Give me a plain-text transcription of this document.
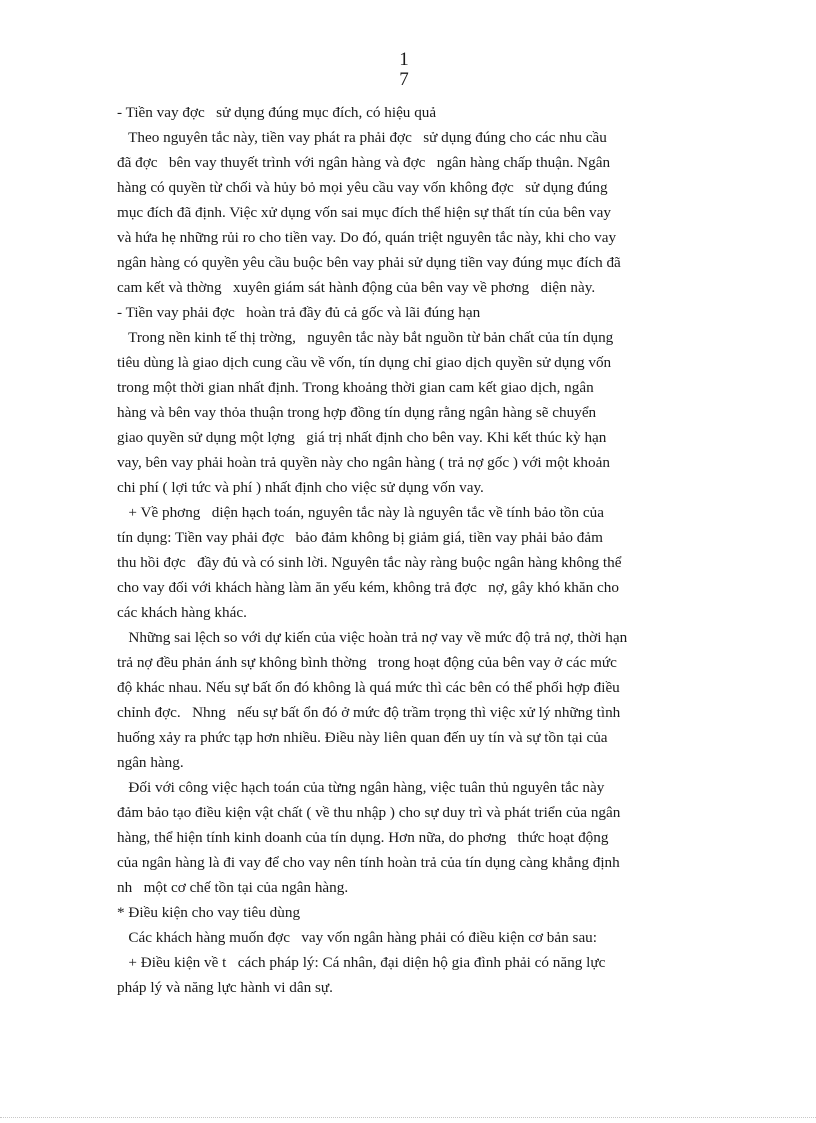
1
7

- Tiền vay đợc   sử dụng đúng mục đích, có hiệu quả

Theo nguyên tắc này, tiền vay phát ra phải đợc   sử dụng đúng cho các nhu cầu

đã đợc   bên vay thuyết trình với ngân hàng và đợc   ngân hàng chấp thuận. Ngân

hàng có quyền từ chối và hủy bỏ mọi yêu cầu vay vốn không đợc   sử dụng đúng

mục đích đã định. Việc xử dụng vốn sai mục đích thể hiện sự thất tín của bên vay

và hứa hẹ những rủi ro cho tiền vay. Do đó, quán triệt nguyên tắc này, khi cho vay

ngân hàng có quyền yêu cầu buộc bên vay phải sử dụng tiền vay đúng mục đích đã

cam kết và thờng   xuyên giám sát hành động của bên vay về phơng   diện này.

- Tiền vay phải đợc   hoàn trả đầy đủ cả gốc và lãi đúng hạn

Trong nền kinh tế thị trờng,   nguyên tắc này bắt nguồn từ bản chất của tín dụng

tiêu dùng là giao dịch cung cầu về vốn, tín dụng chỉ giao dịch quyền sử dụng vốn

trong một thời gian nhất định. Trong khoảng thời gian cam kết giao dịch, ngân

hàng và bên vay thỏa thuận trong hợp đồng tín dụng rằng ngân hàng sẽ chuyển

giao quyền sử dụng một lợng   giá trị nhất định cho bên vay. Khi kết thúc kỳ hạn

vay, bên vay phải hoàn trả quyền này cho ngân hàng ( trả nợ gốc ) với một khoản

chi phí ( lợi tức và phí ) nhất định cho việc sử dụng vốn vay.

+ Về phơng   diện hạch toán, nguyên tắc này là nguyên tắc về tính bảo tồn của

tín dụng: Tiền vay phải đợc   bảo đảm không bị giảm giá, tiền vay phải bảo đảm

thu hồi đợc   đầy đủ và có sinh lời. Nguyên tắc này ràng buộc ngân hàng không thể

cho vay đối với khách hàng làm ăn yếu kém, không trả đợc   nợ, gây khó khăn cho

các khách hàng khác.

Những sai lệch so với dự kiến của việc hoàn trả nợ vay về mức độ trả nợ, thời hạn

trả nợ đều phản ánh sự không bình thờng   trong hoạt động của bên vay ở các mức

độ khác nhau. Nếu sự bất ổn đó không là quá mức thì các bên có thể phối hợp điều

chỉnh đợc.   Nhng   nếu sự bất ổn đó ở mức độ trầm trọng thì việc xử lý những tình

huống xảy ra phức tạp hơn nhiều. Điều này liên quan đến uy tín và sự tồn tại của

ngân hàng.

Đối với công việc hạch toán của từng ngân hàng, việc tuân thủ nguyên tắc này

đảm bảo tạo điều kiện vật chất ( về thu nhập ) cho sự duy trì và phát triển của ngân

hàng, thể hiện tính kinh doanh của tín dụng. Hơn nữa, do phơng   thức hoạt động

của ngân hàng là đi vay để cho vay nên tính hoàn trả của tín dụng càng khẳng định

nh   một cơ chế tồn tại của ngân hàng.

* Điều kiện cho vay tiêu dùng

Các khách hàng muốn đợc   vay vốn ngân hàng phải có điều kiện cơ bản sau:

+ Điều kiện về t   cách pháp lý: Cá nhân, đại diện hộ gia đình phải có năng lực

pháp lý và năng lực hành vi dân sự.
